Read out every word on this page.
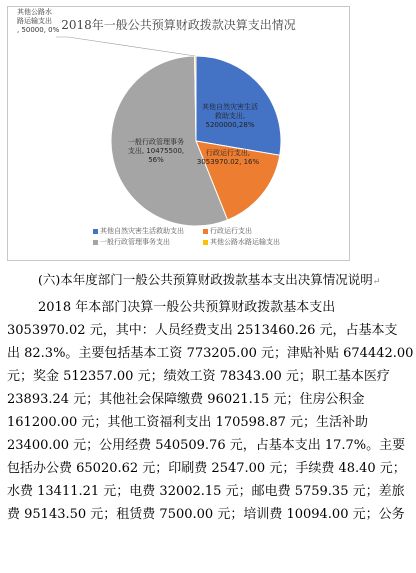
2018年一般公共预算财政拨款决算支出情况
其他自然灾害生活救助支出, 5200000,28%
行政运行支出, 3053970.02, 16%
一般行政管理事务支出, 10475500, 56%
其他公路水路运输支出, 50000, 0%
其他自然灾害生活救助支出	行政运行支出
一般行政管理事务支出	其他公路水路运输支出
(六)本年度部门一般公共预算财政拨款基本支出决算情况说明↵
2018 年本部门决算一般公共预算财政拨款基本支出
3053970.02 元，其中：人员经费支出 2513460.26 元，占基本支
出 82.3%。主要包括基本工资 773205.00 元；津贴补贴 674442.00
元；奖金 512357.00 元；绩效工资 78343.00 元；职工基本医疗
23893.24 元；其他社会保障缴费 96021.15 元；住房公积金
161200.00 元；其他工资福利支出 170598.87 元；生活补助
23400.00 元；公用经费 540509.76 元，占基本支出 17.7%。主要
包括办公费 65020.62 元；印刷费 2547.00 元；手续费 48.40 元；
水费 13411.21 元；电费 32002.15 元；邮电费 5759.35 元；差旅
费 95143.50 元；租赁费 7500.00 元；培训费 10094.00 元；公务
